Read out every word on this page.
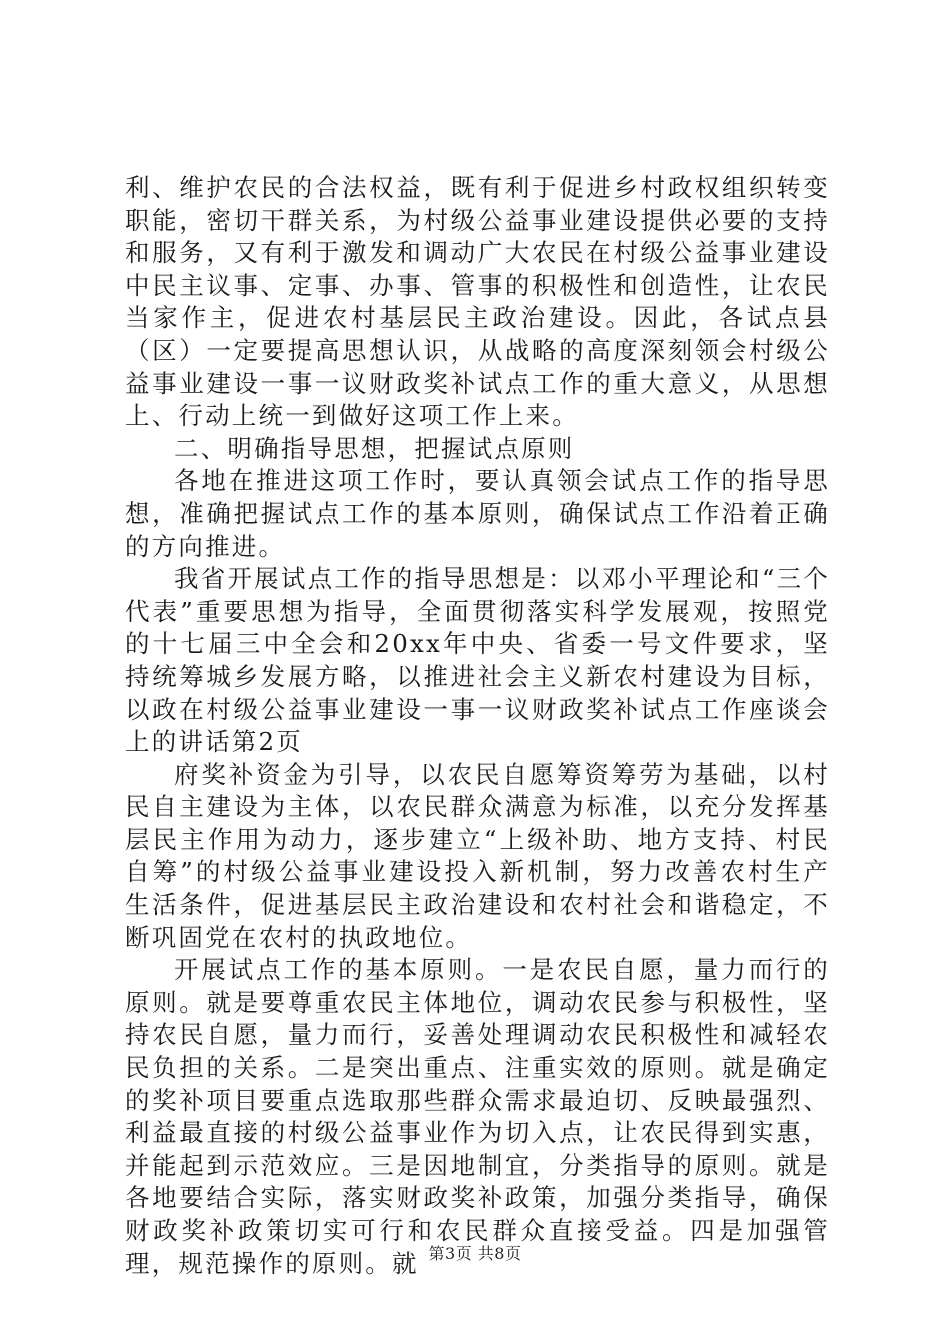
利、维护农民的合法权益，既有利于促进乡村政权组织转变职能，密切干群关系，为村级公益事业建设提供必要的支持和服务，又有利于激发和调动广大农民在村级公益事业建设中民主议事、定事、办事、管事的积极性和创造性，让农民当家作主，促进农村基层民主政治建设。因此，各试点县（区）一定要提高思想认识，从战略的高度深刻领会村级公益事业建设一事一议财政奖补试点工作的重大意义，从思想上、行动上统一到做好这项工作上来。

二、明确指导思想，把握试点原则

各地在推进这项工作时，要认真领会试点工作的指导思想，准确把握试点工作的基本原则，确保试点工作沿着正确的方向推进。

我省开展试点工作的指导思想是：以邓小平理论和“三个代表”重要思想为指导，全面贯彻落实科学发展观，按照党的十七届三中全会和20xx年中央、省委一号文件要求，坚持统筹城乡发展方略，以推进社会主义新农村建设为目标，以政在村级公益事业建设一事一议财政奖补试点工作座谈会上的讲话第2页

府奖补资金为引导，以农民自愿筹资筹劳为基础，以村民自主建设为主体，以农民群众满意为标准，以充分发挥基层民主作用为动力，逐步建立“上级补助、地方支持、村民自筹”的村级公益事业建设投入新机制，努力改善农村生产生活条件，促进基层民主政治建设和农村社会和谐稳定，不断巩固党在农村的执政地位。

开展试点工作的基本原则。一是农民自愿，量力而行的原则。就是要尊重农民主体地位，调动农民参与积极性，坚持农民自愿，量力而行，妥善处理调动农民积极性和减轻农民负担的关系。二是突出重点、注重实效的原则。就是确定的奖补项目要重点选取那些群众需求最迫切、反映最强烈、利益最直接的村级公益事业作为切入点，让农民得到实惠，并能起到示范效应。三是因地制宜，分类指导的原则。就是各地要结合实际，落实财政奖补政策，加强分类指导，确保财政奖补政策切实可行和农民群众直接受益。四是加强管理，规范操作的原则。就 第3页 共8页
